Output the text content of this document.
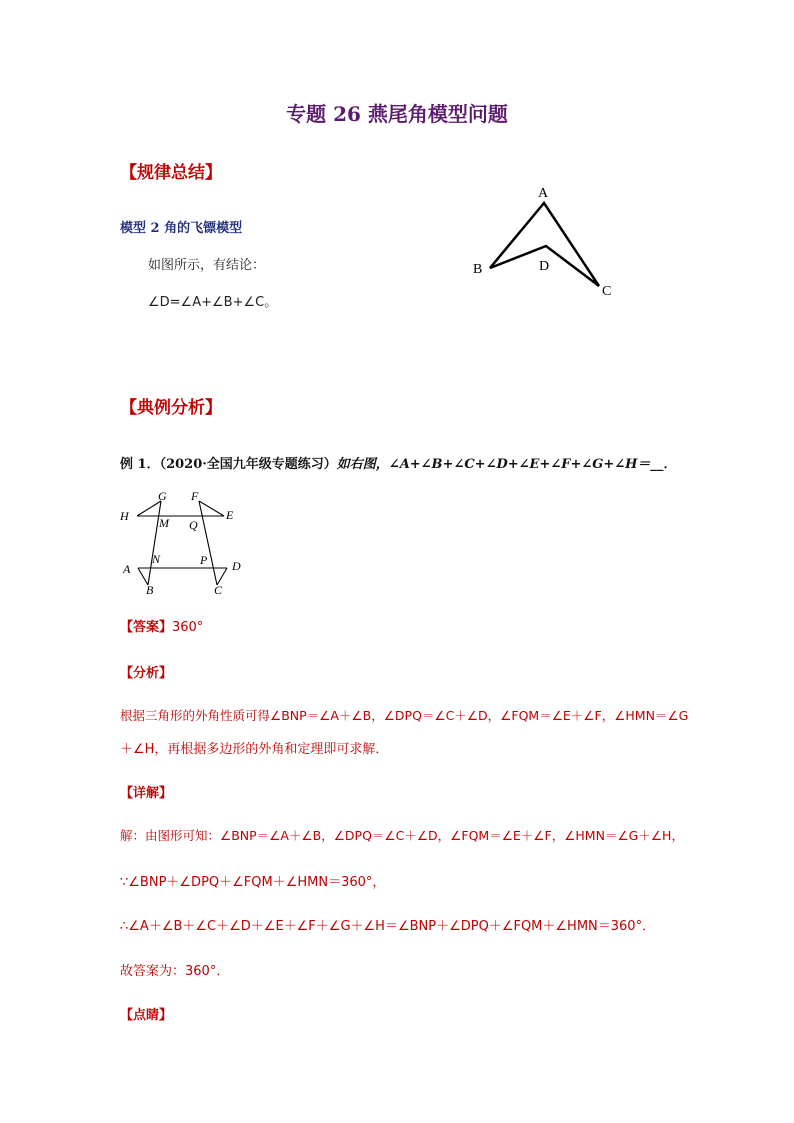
专题 26 燕尾角模型问题
【规律总结】
模型 2 角的飞镖模型
如图所示，有结论：
∠D=∠A+∠B+∠C。
A
B
C
D
【典例分析】
例 1．（2020·全国九年级专题练习）如右图，∠A+∠B+∠C+∠D+∠E+∠F+∠G+∠H＝__．
G F
H	M Q
E
N	P
A	D
B	C
【答案】360°
【分析】
根据三角形的外角性质可得∠BNP＝∠A＋∠B，∠DPQ＝∠C＋∠D，∠FQM＝∠E＋∠F，∠HMN＝∠G
＋∠H，再根据多边形的外角和定理即可求解．
【详解】
解：由图形可知：∠BNP＝∠A＋∠B，∠DPQ＝∠C＋∠D，∠FQM＝∠E＋∠F，∠HMN＝∠G＋∠H，
∵∠BNP＋∠DPQ＋∠FQM＋∠HMN＝360°，
∴∠A＋∠B＋∠C＋∠D＋∠E＋∠F＋∠G＋∠H＝∠BNP＋∠DPQ＋∠FQM＋∠HMN＝360°．
故答案为：360°．
【点睛】
